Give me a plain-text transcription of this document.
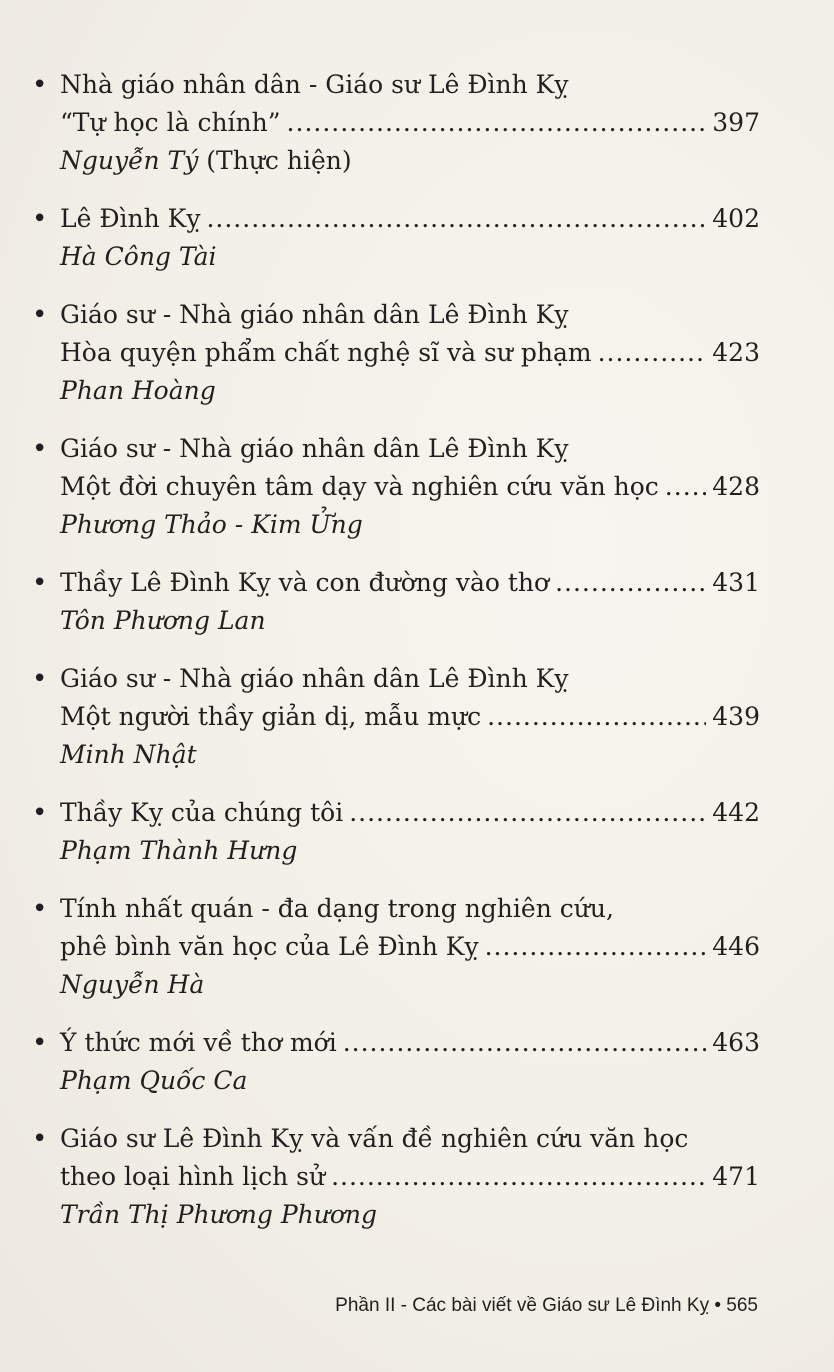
• Nhà giáo nhân dân - Giáo sư Lê Đình Kỵ
“Tự học là chính” .....	397
Nguyễn Tý (Thực hiện)
• Lê Đình Kỵ .....	402
Hà Công Tài
• Giáo sư - Nhà giáo nhân dân Lê Đình Kỵ
Hòa quyện phẩm chất nghệ sĩ và sư phạm .....	423
Phan Hoàng
• Giáo sư - Nhà giáo nhân dân Lê Đình Kỵ
Một đời chuyên tâm dạy và nghiên cứu văn học ..... 428
Phương Thảo - Kim Ửng
• Thầy Lê Đình Kỵ và con đường vào thơ .....	431
Tôn Phương Lan
• Giáo sư - Nhà giáo nhân dân Lê Đình Kỵ
Một người thầy giản dị, mẫu mực .....	439
Minh Nhật
• Thầy Kỵ của chúng tôi .....	442
Phạm Thành Hưng
• Tính nhất quán - đa dạng trong nghiên cứu,
phê bình văn học của Lê Đình Kỵ .....	446
Nguyễn Hà
• Ý thức mới về thơ mới .....	463
Phạm Quốc Ca
• Giáo sư Lê Đình Kỵ và vấn đề nghiên cứu văn học
theo loại hình lịch sử .....	471
Trần Thị Phương Phương
Phần II - Các bài viết về Giáo sư Lê Đình Kỵ • 565
